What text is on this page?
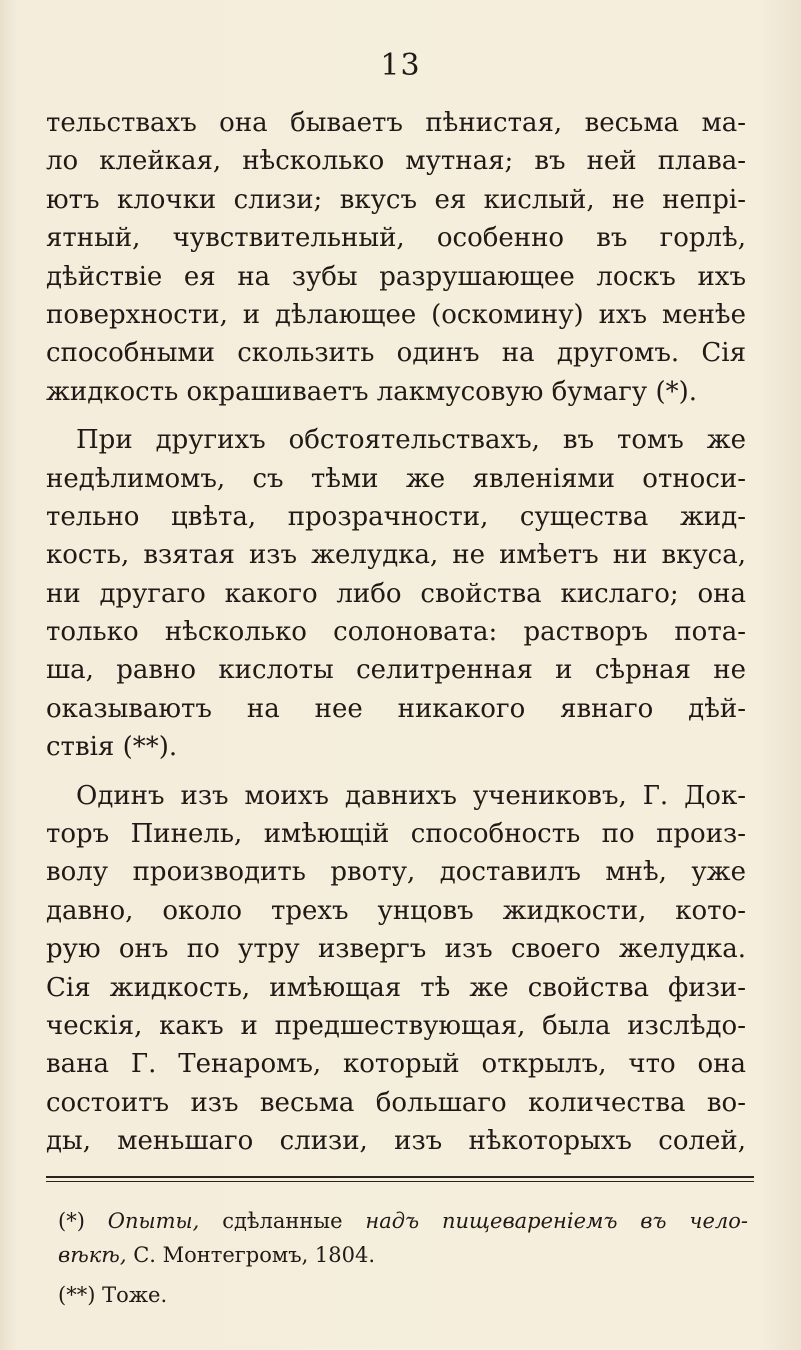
13
тельствахъ она бываетъ пѣнистая, весьма ма-
ло клейкая, нѣсколько мутная; въ ней плава-
ютъ клочки слизи; вкусъ ея кислый, не непрі-
ятный, чувствительный, особенно въ горлѣ,
дѣйствіе ея на зубы разрушающее лоскъ ихъ
поверхности, и дѣлающее (оскомину) ихъ менѣе
способными скользить одинъ на другомъ. Сія
жидкость окрашиваетъ лакмусовую бумагу (*).
При другихъ обстоятельствахъ, въ томъ же
недѣлимомъ, съ тѣми же явленіями относи-
тельно цвѣта, прозрачности, существа жид-
кость, взятая изъ желудка, не имѣетъ ни вкуса,
ни другаго какого либо свойства кислаго; она
только нѣсколько солоновата: растворъ пота-
ша, равно кислоты селитренная и сѣрная не
оказываютъ на нее никакого явнаго дѣй-
ствія (**).
Одинъ изъ моихъ давнихъ учениковъ, Г. Док-
торъ Пинель, имѣющій способность по произ-
волу производить рвоту, доставилъ мнѣ, уже
давно, около трехъ унцовъ жидкости, кото-
рую онъ по утру извергъ изъ своего желудка.
Сія жидкость, имѣющая тѣ же свойства физи-
ческія, какъ и предшествующая, была изслѣдо-
вана Г. Тенаромъ, который открылъ, что она
состоитъ изъ весьма большаго количества во-
ды, меньшаго слизи, изъ нѣкоторыхъ солей,
(*) Опыты, сдѣланные надъ пищевареніемъ въ чело-
вѣкѣ, С. Монтегромъ, 1804.
(**) Тоже.
